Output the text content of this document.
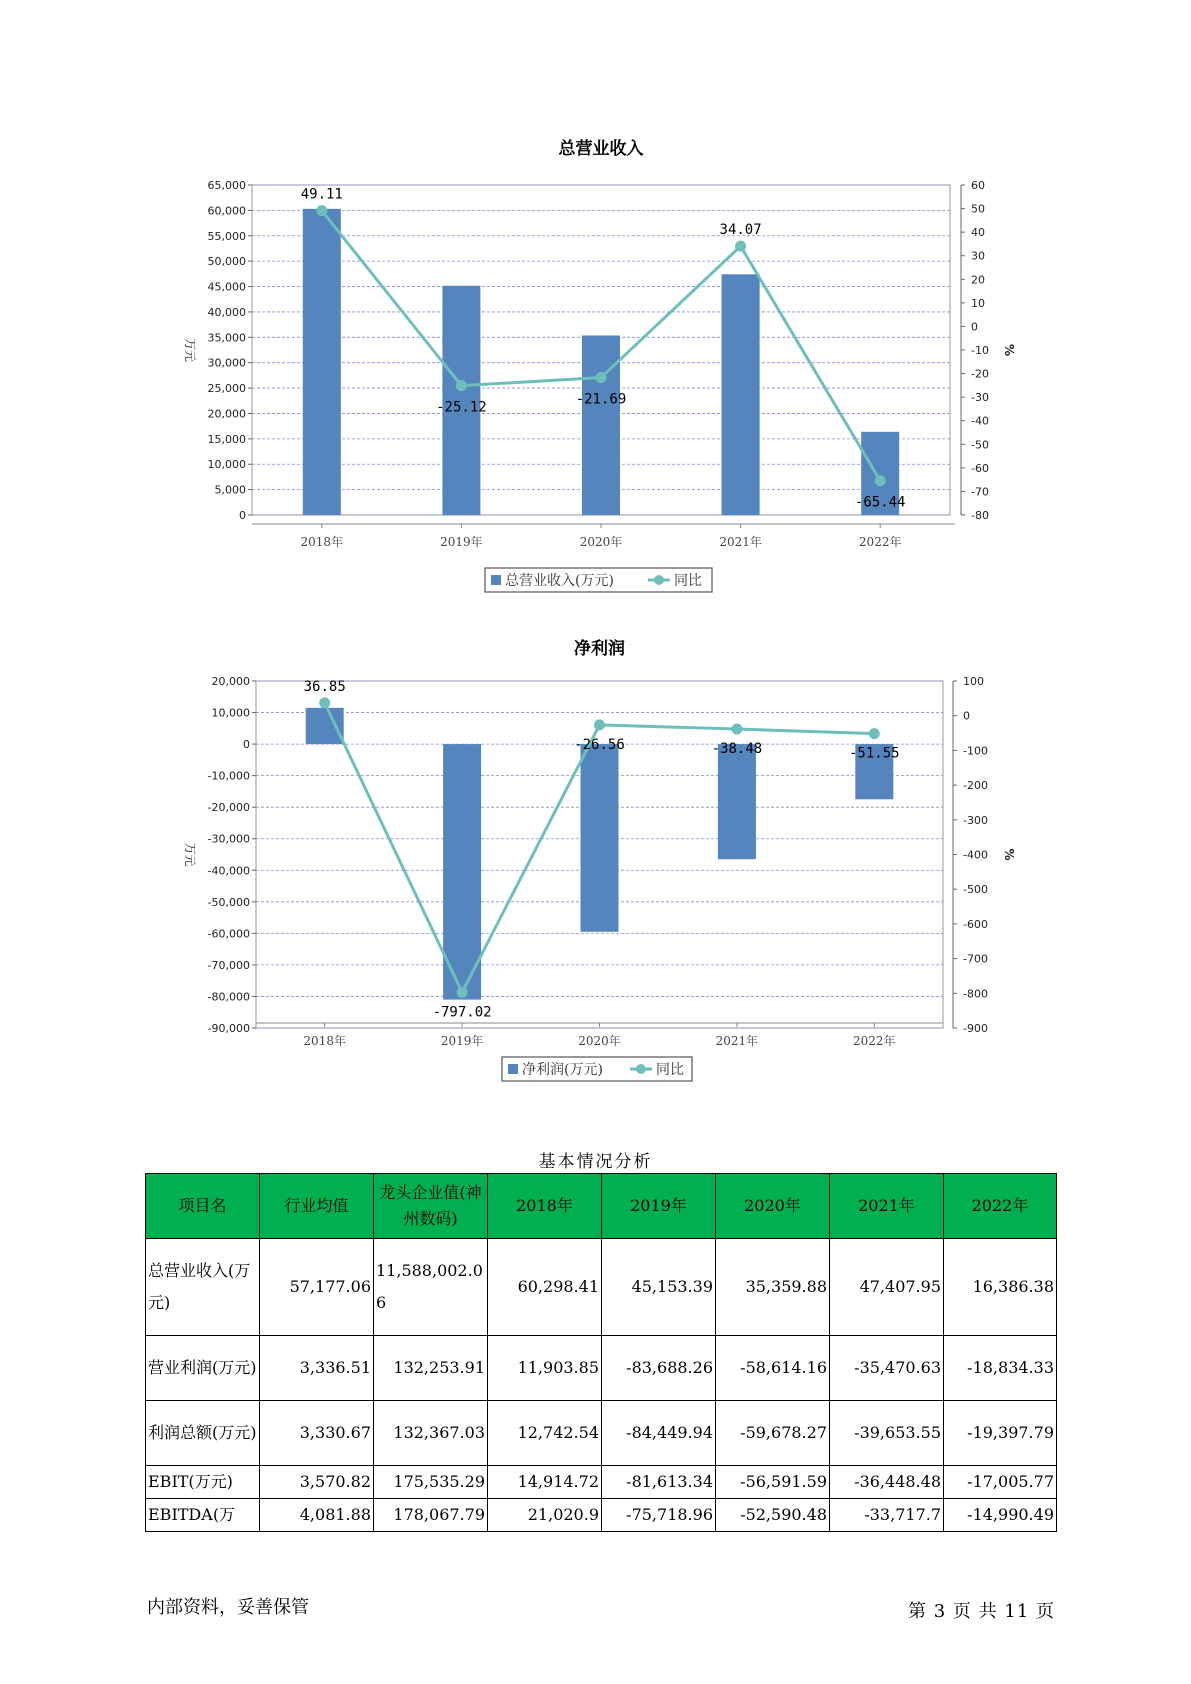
总营业收入
65,000
60,000
55,000
50,000
45,000
40,000
35,000
30,000
25,000
20,000
15,000
10,000
5,000
0
60
50
40
30
20
10
0
-10
-20
-30
-40
-50
-60
-70
-80
万元	%
2018年	2019年	2020年	2021年	2022年
49.11
-25.12
-21.69
34.07
-65.44
总营业收入(万元)	同比
净利润
20,000
10,000
0
-10,000
-20,000
-30,000
-40,000
-50,000
-60,000
-70,000
-80,000
-90,000
100
0
-100
-200
-300
-400
-500
-600
-700
-800
-900
万元	%
2018年	2019年	2020年	2021年	2022年
36.85
-797.02
-26.56	-38.48	-51.55
净利润(万元)	同比
基本情况分析
项目名	行业均值	龙头企业值(神州数码)	2018年	2019年	2020年	2021年	2022年
总营业收入(万元)	57,177.06	11,588,002.06	60,298.41	45,153.39	35,359.88	47,407.95	16,386.38
营业利润(万元)	3,336.51	132,253.91	11,903.85	-83,688.26	-58,614.16	-35,470.63	-18,834.33
利润总额(万元)	3,330.67	132,367.03	12,742.54	-84,449.94	-59,678.27	-39,653.55	-19,397.79
EBIT(万元)	3,570.82	175,535.29	14,914.72	-81,613.34	-56,591.59	-36,448.48	-17,005.77
EBITDA(万	4,081.88	178,067.79	21,020.9	-75,718.96	-52,590.48	-33,717.7	-14,990.49
内部资料，妥善保管	第 3 页 共 11 页
